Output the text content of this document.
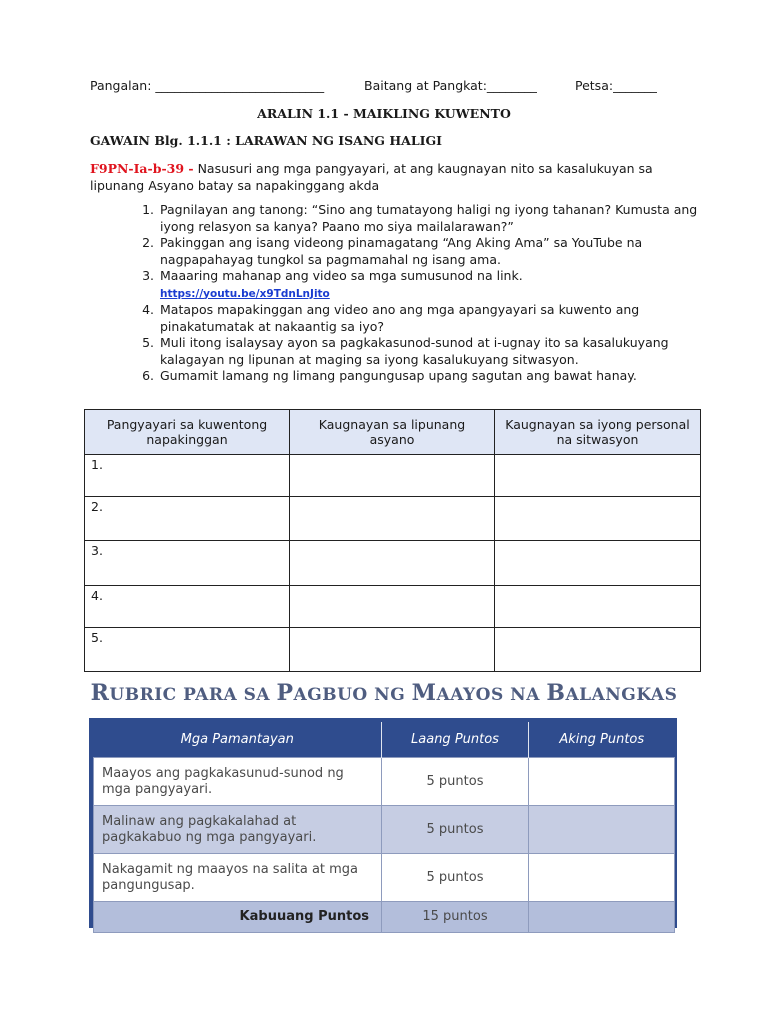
Pangalan: ___________________________	Baitang at Pangkat:________	Petsa:_______
ARALIN 1.1 - MAIKLING KUWENTO
GAWAIN Blg. 1.1.1 : LARAWAN NG ISANG HALIGI
F9PN-Ia-b-39 - Nasusuri ang mga pangyayari, at ang kaugnayan nito sa kasalukuyan sa lipunang Asyano batay sa napakinggang akda
1. Pagnilayan ang tanong: “Sino ang tumatayong haligi ng iyong tahanan? Kumusta ang iyong relasyon sa kanya? Paano mo siya mailalarawan?”
2. Pakinggan ang isang videong pinamagatang “Ang Aking Ama” sa YouTube na nagpapahayag tungkol sa pagmamahal ng isang ama.
3. Maaaring mahanap ang video sa mga sumusunod na link.
https://youtu.be/x9TdnLnJito
4. Matapos mapakinggan ang video ano ang mga apangyayari sa kuwento ang pinakatumatak at nakaantig sa iyo?
5. Muli itong isalaysay ayon sa pagkakasunod-sunod at i-ugnay ito sa kasalukuyang kalagayan ng lipunan at maging sa iyong kasalukuyang sitwasyon.
6. Gumamit lamang ng limang pangungusap upang sagutan ang bawat hanay.
Pangyayari sa kuwentong napakinggan	Kaugnayan sa lipunang asyano	Kaugnayan sa iyong personal na sitwasyon
1.		
2.		
3.		
4.		
5.		
RUBRIC PARA SA PAGBUO NG MAAYOS NA BALANGKAS
Mga Pamantayan	Laang Puntos	Aking Puntos
Maayos ang pagkakasunud-sunod ng mga pangyayari.	5 puntos	
Malinaw ang pagkakalahad at pagkakabuo ng mga pangyayari.	5 puntos	
Nakagamit ng maayos na salita at mga pangungusap.	5 puntos	
Kabuuang Puntos	15 puntos	
